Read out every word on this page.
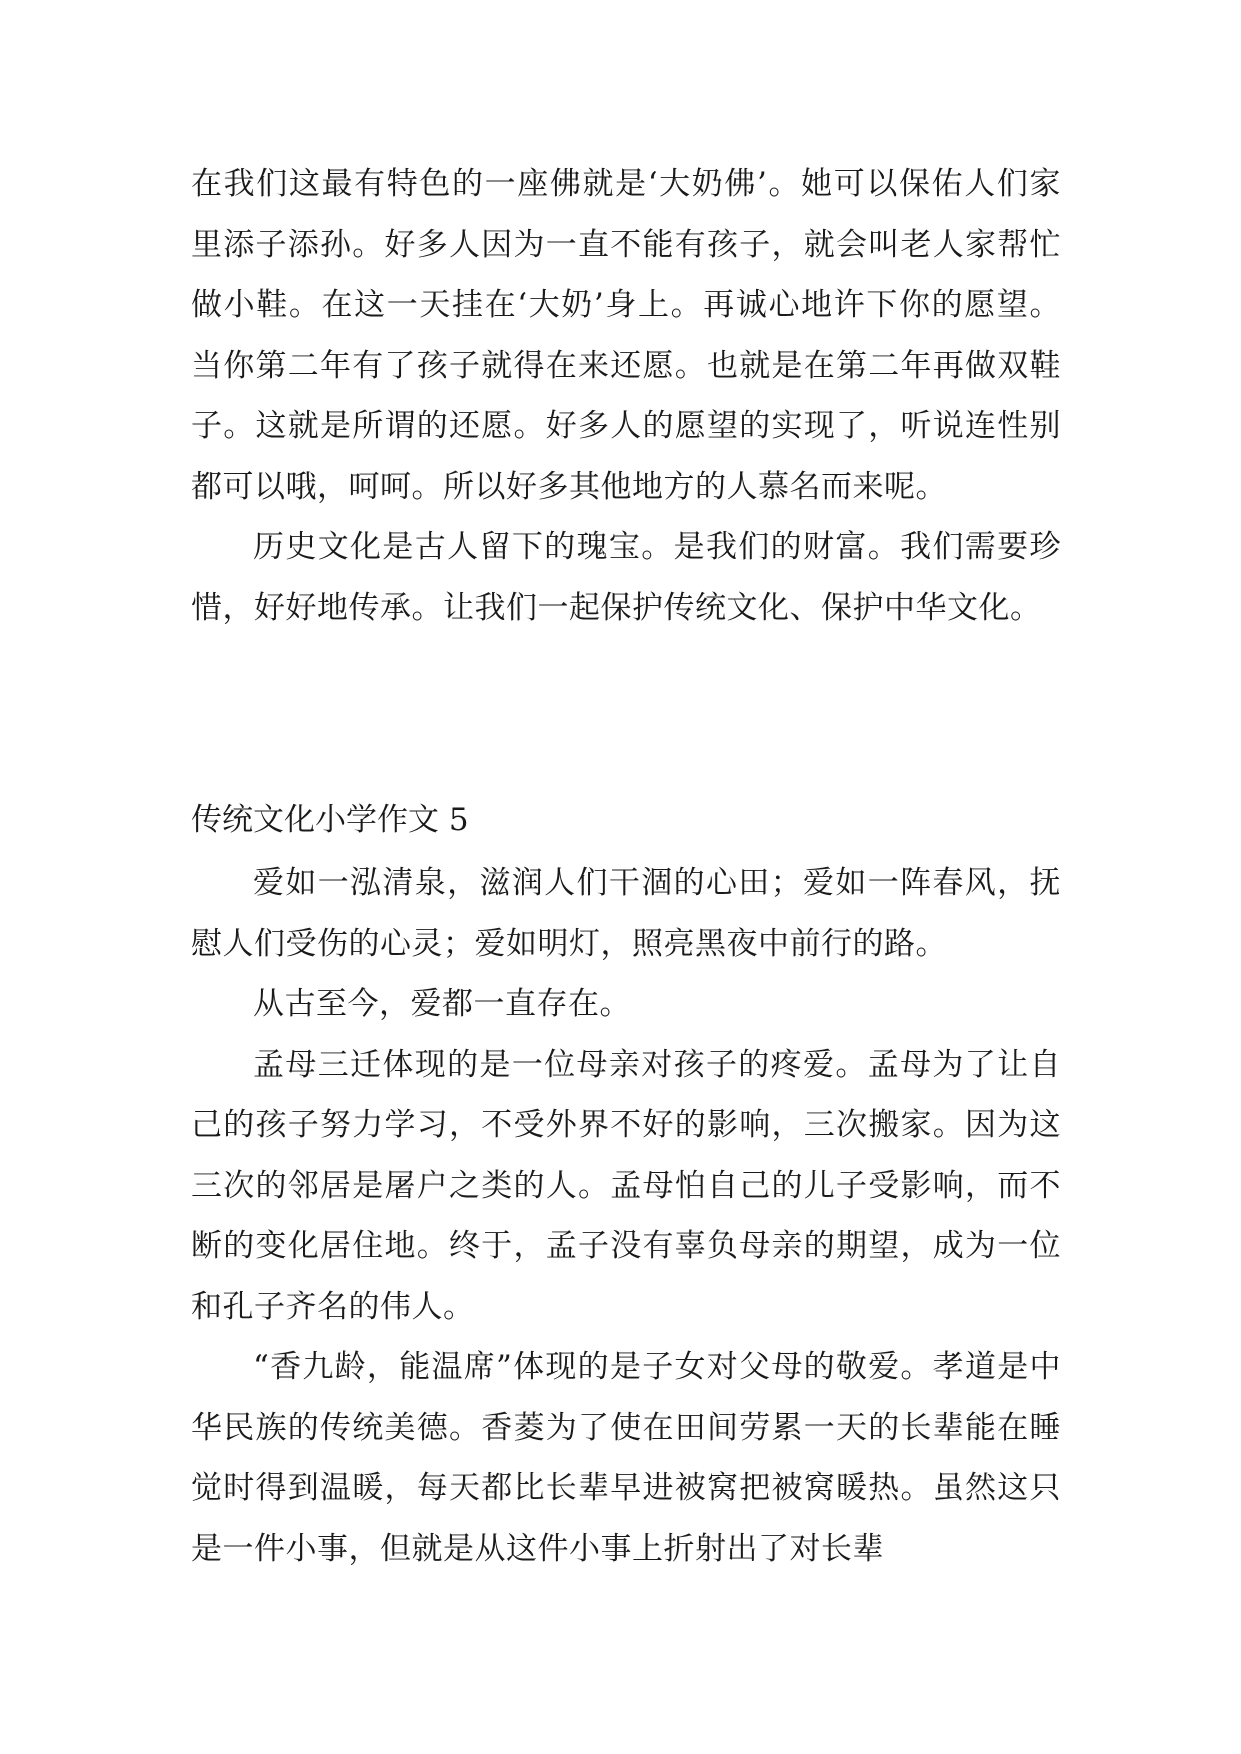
在我们这最有特色的一座佛就是‘大奶佛’。她可以保佑人们家里添子添孙。好多人因为一直不能有孩子，就会叫老人家帮忙做小鞋。在这一天挂在‘大奶’身上。再诚心地许下你的愿望。当你第二年有了孩子就得在来还愿。也就是在第二年再做双鞋子。这就是所谓的还愿。好多人的愿望的实现了，听说连性别都可以哦，呵呵。所以好多其他地方的人慕名而来呢。

历史文化是古人留下的瑰宝。是我们的财富。我们需要珍惜，好好地传承。让我们一起保护传统文化、保护中华文化。

传统文化小学作文 5

爱如一泓清泉，滋润人们干涸的心田；爱如一阵春风，抚慰人们受伤的心灵；爱如明灯，照亮黑夜中前行的路。

从古至今，爱都一直存在。

孟母三迁体现的是一位母亲对孩子的疼爱。孟母为了让自己的孩子努力学习，不受外界不好的影响，三次搬家。因为这三次的邻居是屠户之类的人。孟母怕自己的儿子受影响，而不断的变化居住地。终于，孟子没有辜负母亲的期望，成为一位和孔子齐名的伟人。

“香九龄，能温席”体现的是子女对父母的敬爱。孝道是中华民族的传统美德。香菱为了使在田间劳累一天的长辈能在睡觉时得到温暖，每天都比长辈早进被窝把被窝暖热。虽然这只是一件小事，但就是从这件小事上折射出了对长辈
